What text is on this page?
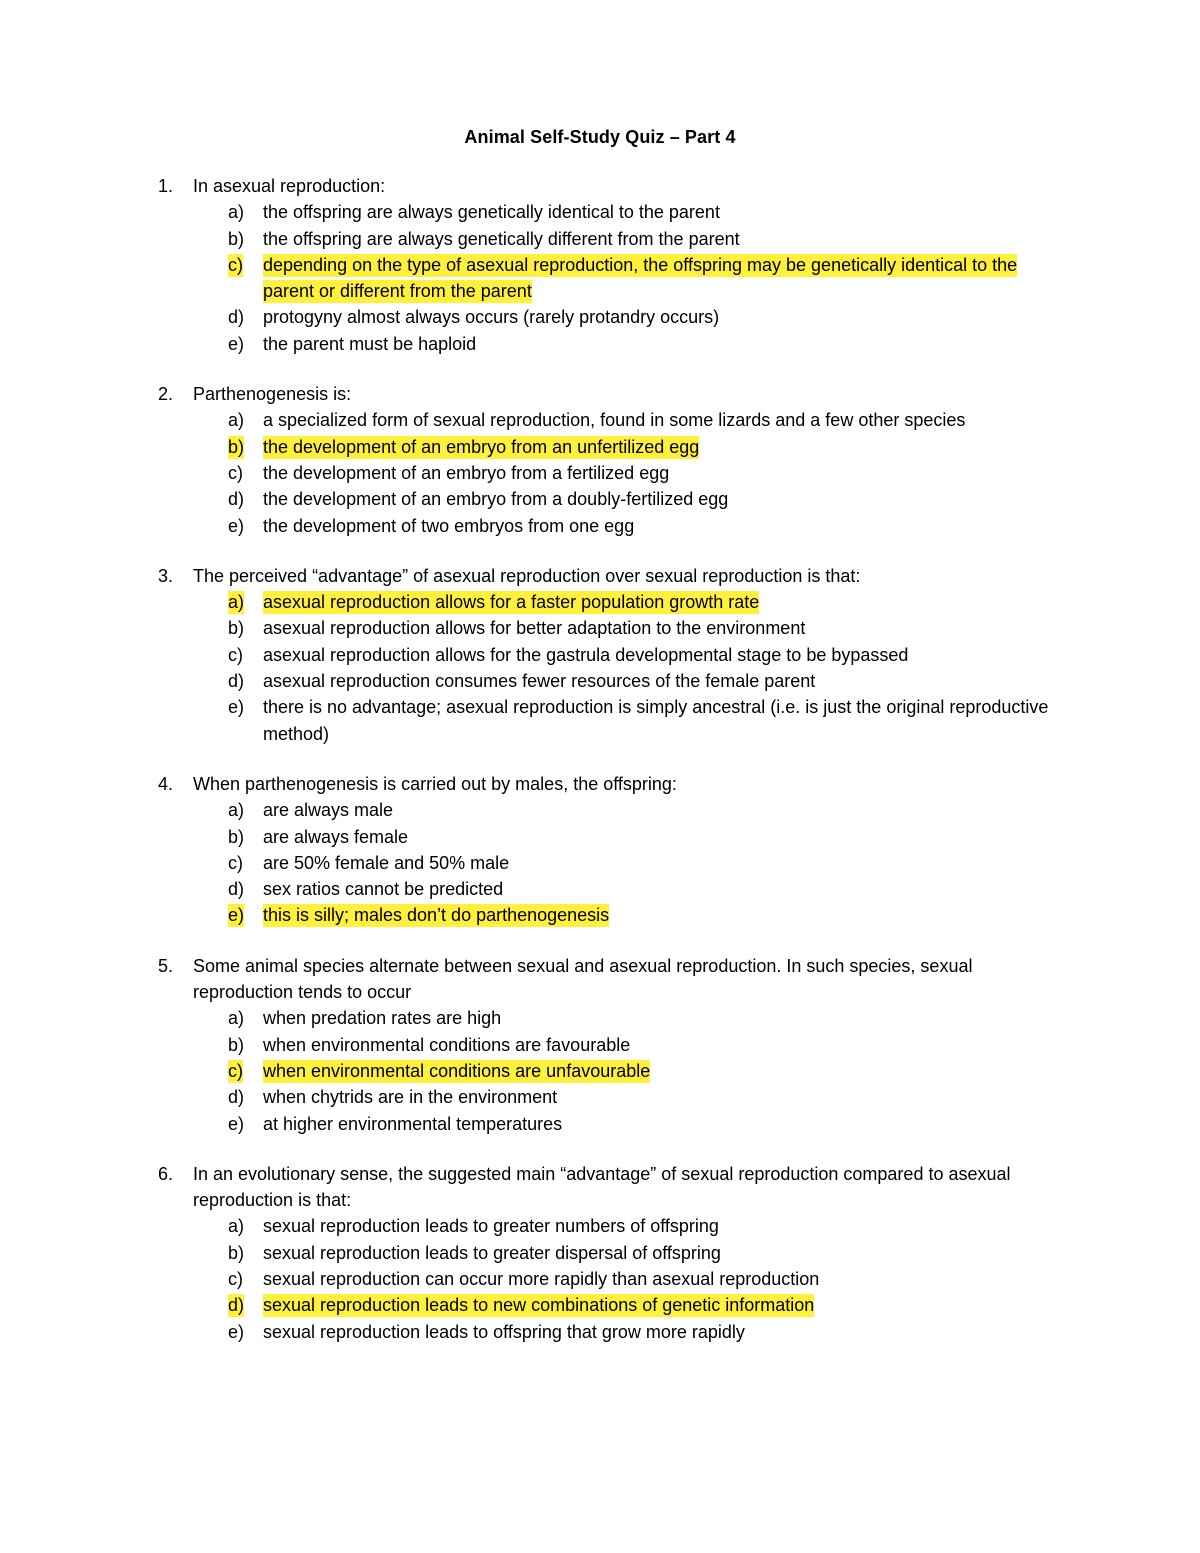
Animal Self-Study Quiz – Part 4
1.	In asexual reproduction:
a)	the offspring are always genetically identical to the parent
b)	the offspring are always genetically different from the parent
c)	depending on the type of asexual reproduction, the offspring may be genetically identical to the parent or different from the parent
d)	protogyny almost always occurs (rarely protandry occurs)
e)	the parent must be haploid
2.	Parthenogenesis is:
a)	a specialized form of sexual reproduction, found in some lizards and a few other species
b)	the development of an embryo from an unfertilized egg
c)	the development of an embryo from a fertilized egg
d)	the development of an embryo from a doubly-fertilized egg
e)	the development of two embryos from one egg
3.	The perceived “advantage” of asexual reproduction over sexual reproduction is that:
a)	asexual reproduction allows for a faster population growth rate
b)	asexual reproduction allows for better adaptation to the environment
c)	asexual reproduction allows for the gastrula developmental stage to be bypassed
d)	asexual reproduction consumes fewer resources of the female parent
e)	there is no advantage; asexual reproduction is simply ancestral (i.e. is just the original reproductive method)
4.	When parthenogenesis is carried out by males, the offspring:
a)	are always male
b)	are always female
c)	are 50% female and 50% male
d)	sex ratios cannot be predicted
e)	this is silly; males don’t do parthenogenesis
5.	Some animal species alternate between sexual and asexual reproduction. In such species, sexual reproduction tends to occur
a)	when predation rates are high
b)	when environmental conditions are favourable
c)	when environmental conditions are unfavourable
d)	when chytrids are in the environment
e)	at higher environmental temperatures
6.	In an evolutionary sense, the suggested main “advantage” of sexual reproduction compared to asexual reproduction is that:
a)	sexual reproduction leads to greater numbers of offspring
b)	sexual reproduction leads to greater dispersal of offspring
c)	sexual reproduction can occur more rapidly than asexual reproduction
d)	sexual reproduction leads to new combinations of genetic information
e)	sexual reproduction leads to offspring that grow more rapidly
